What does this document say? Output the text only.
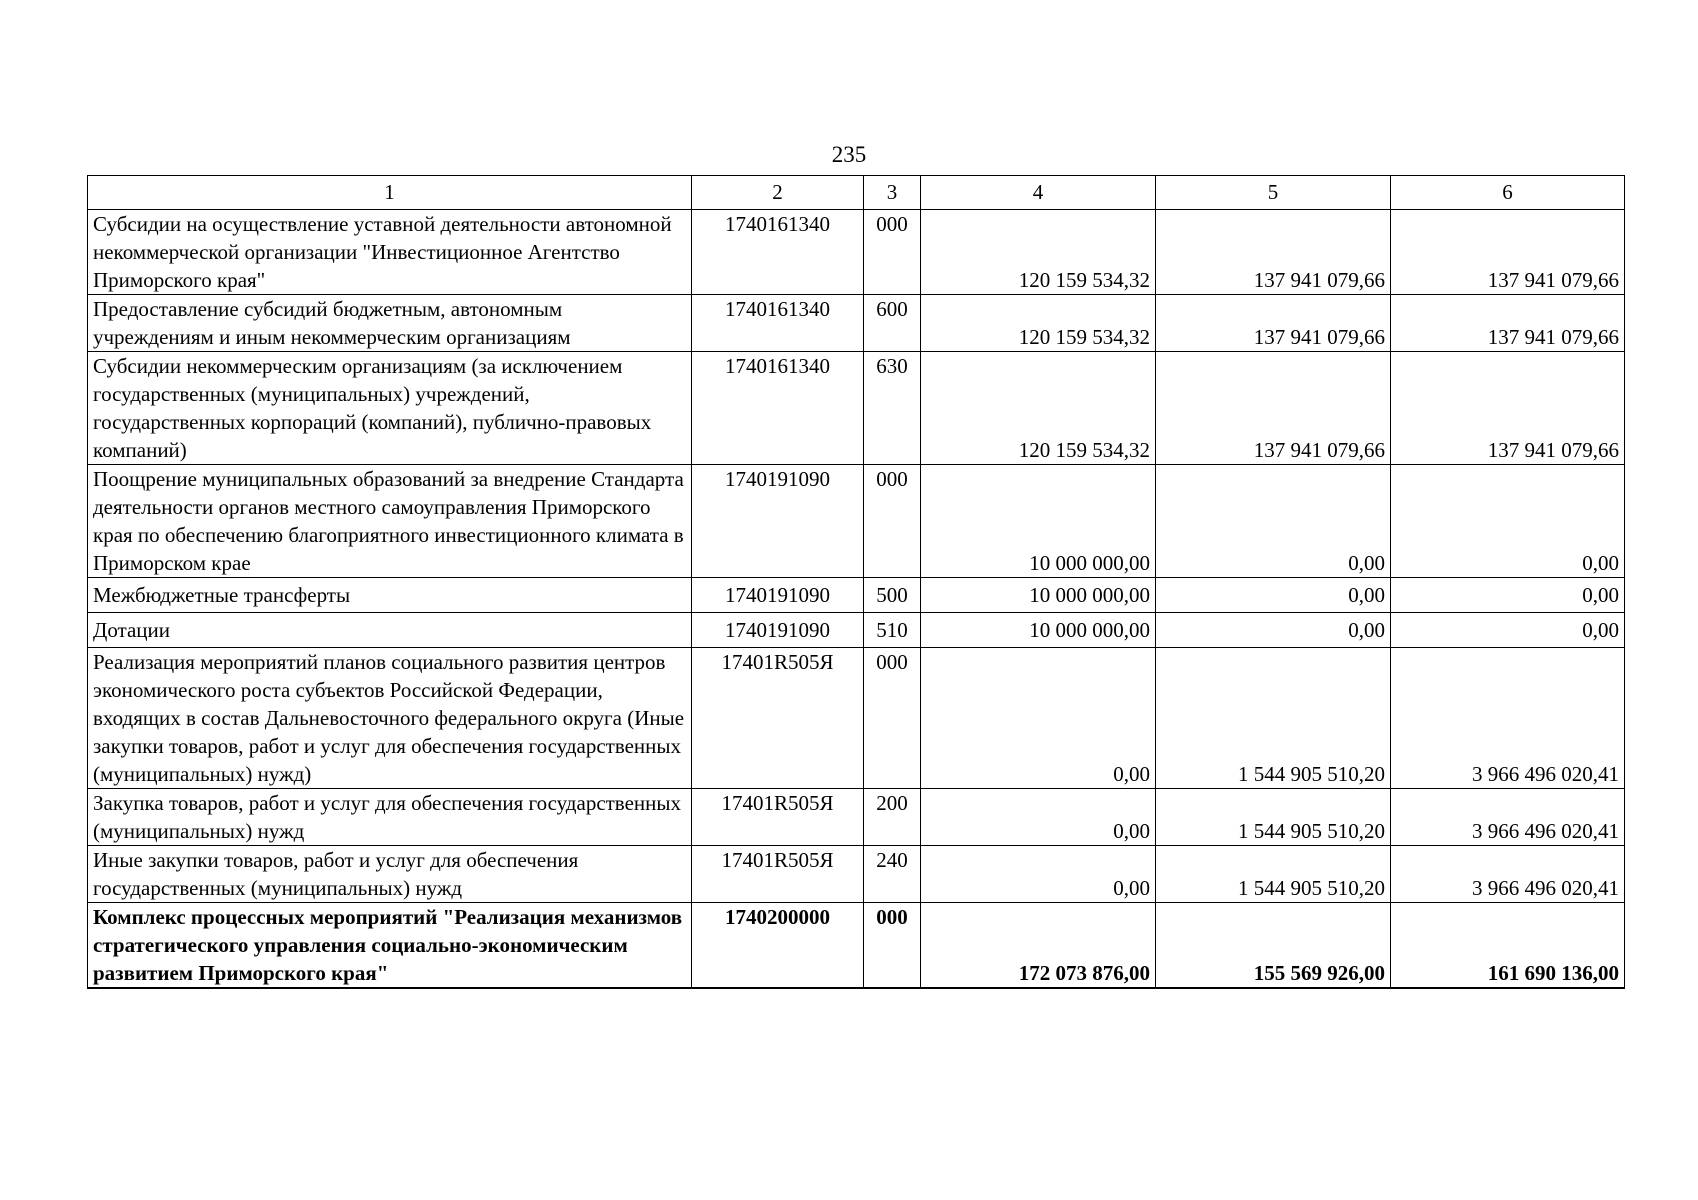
235
1	2	3	4	5	6
Субсидии на осуществление уставной деятельности автономной некоммерческой организации "Инвестиционное Агентство Приморского края"	1740161340	000	120 159 534,32	137 941 079,66	137 941 079,66
Предоставление субсидий бюджетным, автономным учреждениям и иным некоммерческим организациям	1740161340	600	120 159 534,32	137 941 079,66	137 941 079,66
Субсидии некоммерческим организациям (за исключением государственных (муниципальных) учреждений, государственных корпораций (компаний), публично-правовых компаний)	1740161340	630	120 159 534,32	137 941 079,66	137 941 079,66
Поощрение муниципальных образований за внедрение Стандарта деятельности органов местного самоуправления Приморского края по обеспечению благоприятного инвестиционного климата в Приморском крае	1740191090	000	10 000 000,00	0,00	0,00
Межбюджетные трансферты	1740191090	500	10 000 000,00	0,00	0,00
Дотации	1740191090	510	10 000 000,00	0,00	0,00
Реализация мероприятий планов социального развития центров экономического роста субъектов Российской Федерации, входящих в состав Дальневосточного федерального округа (Иные закупки товаров, работ и услуг для обеспечения государственных (муниципальных) нужд)	17401R505Я	000	0,00	1 544 905 510,20	3 966 496 020,41
Закупка товаров, работ и услуг для обеспечения государственных (муниципальных) нужд	17401R505Я	200	0,00	1 544 905 510,20	3 966 496 020,41
Иные закупки товаров, работ и услуг для обеспечения государственных (муниципальных) нужд	17401R505Я	240	0,00	1 544 905 510,20	3 966 496 020,41
Комплекс процессных мероприятий "Реализация механизмов стратегического управления социально-экономическим развитием Приморского края"	1740200000	000	172 073 876,00	155 569 926,00	161 690 136,00
